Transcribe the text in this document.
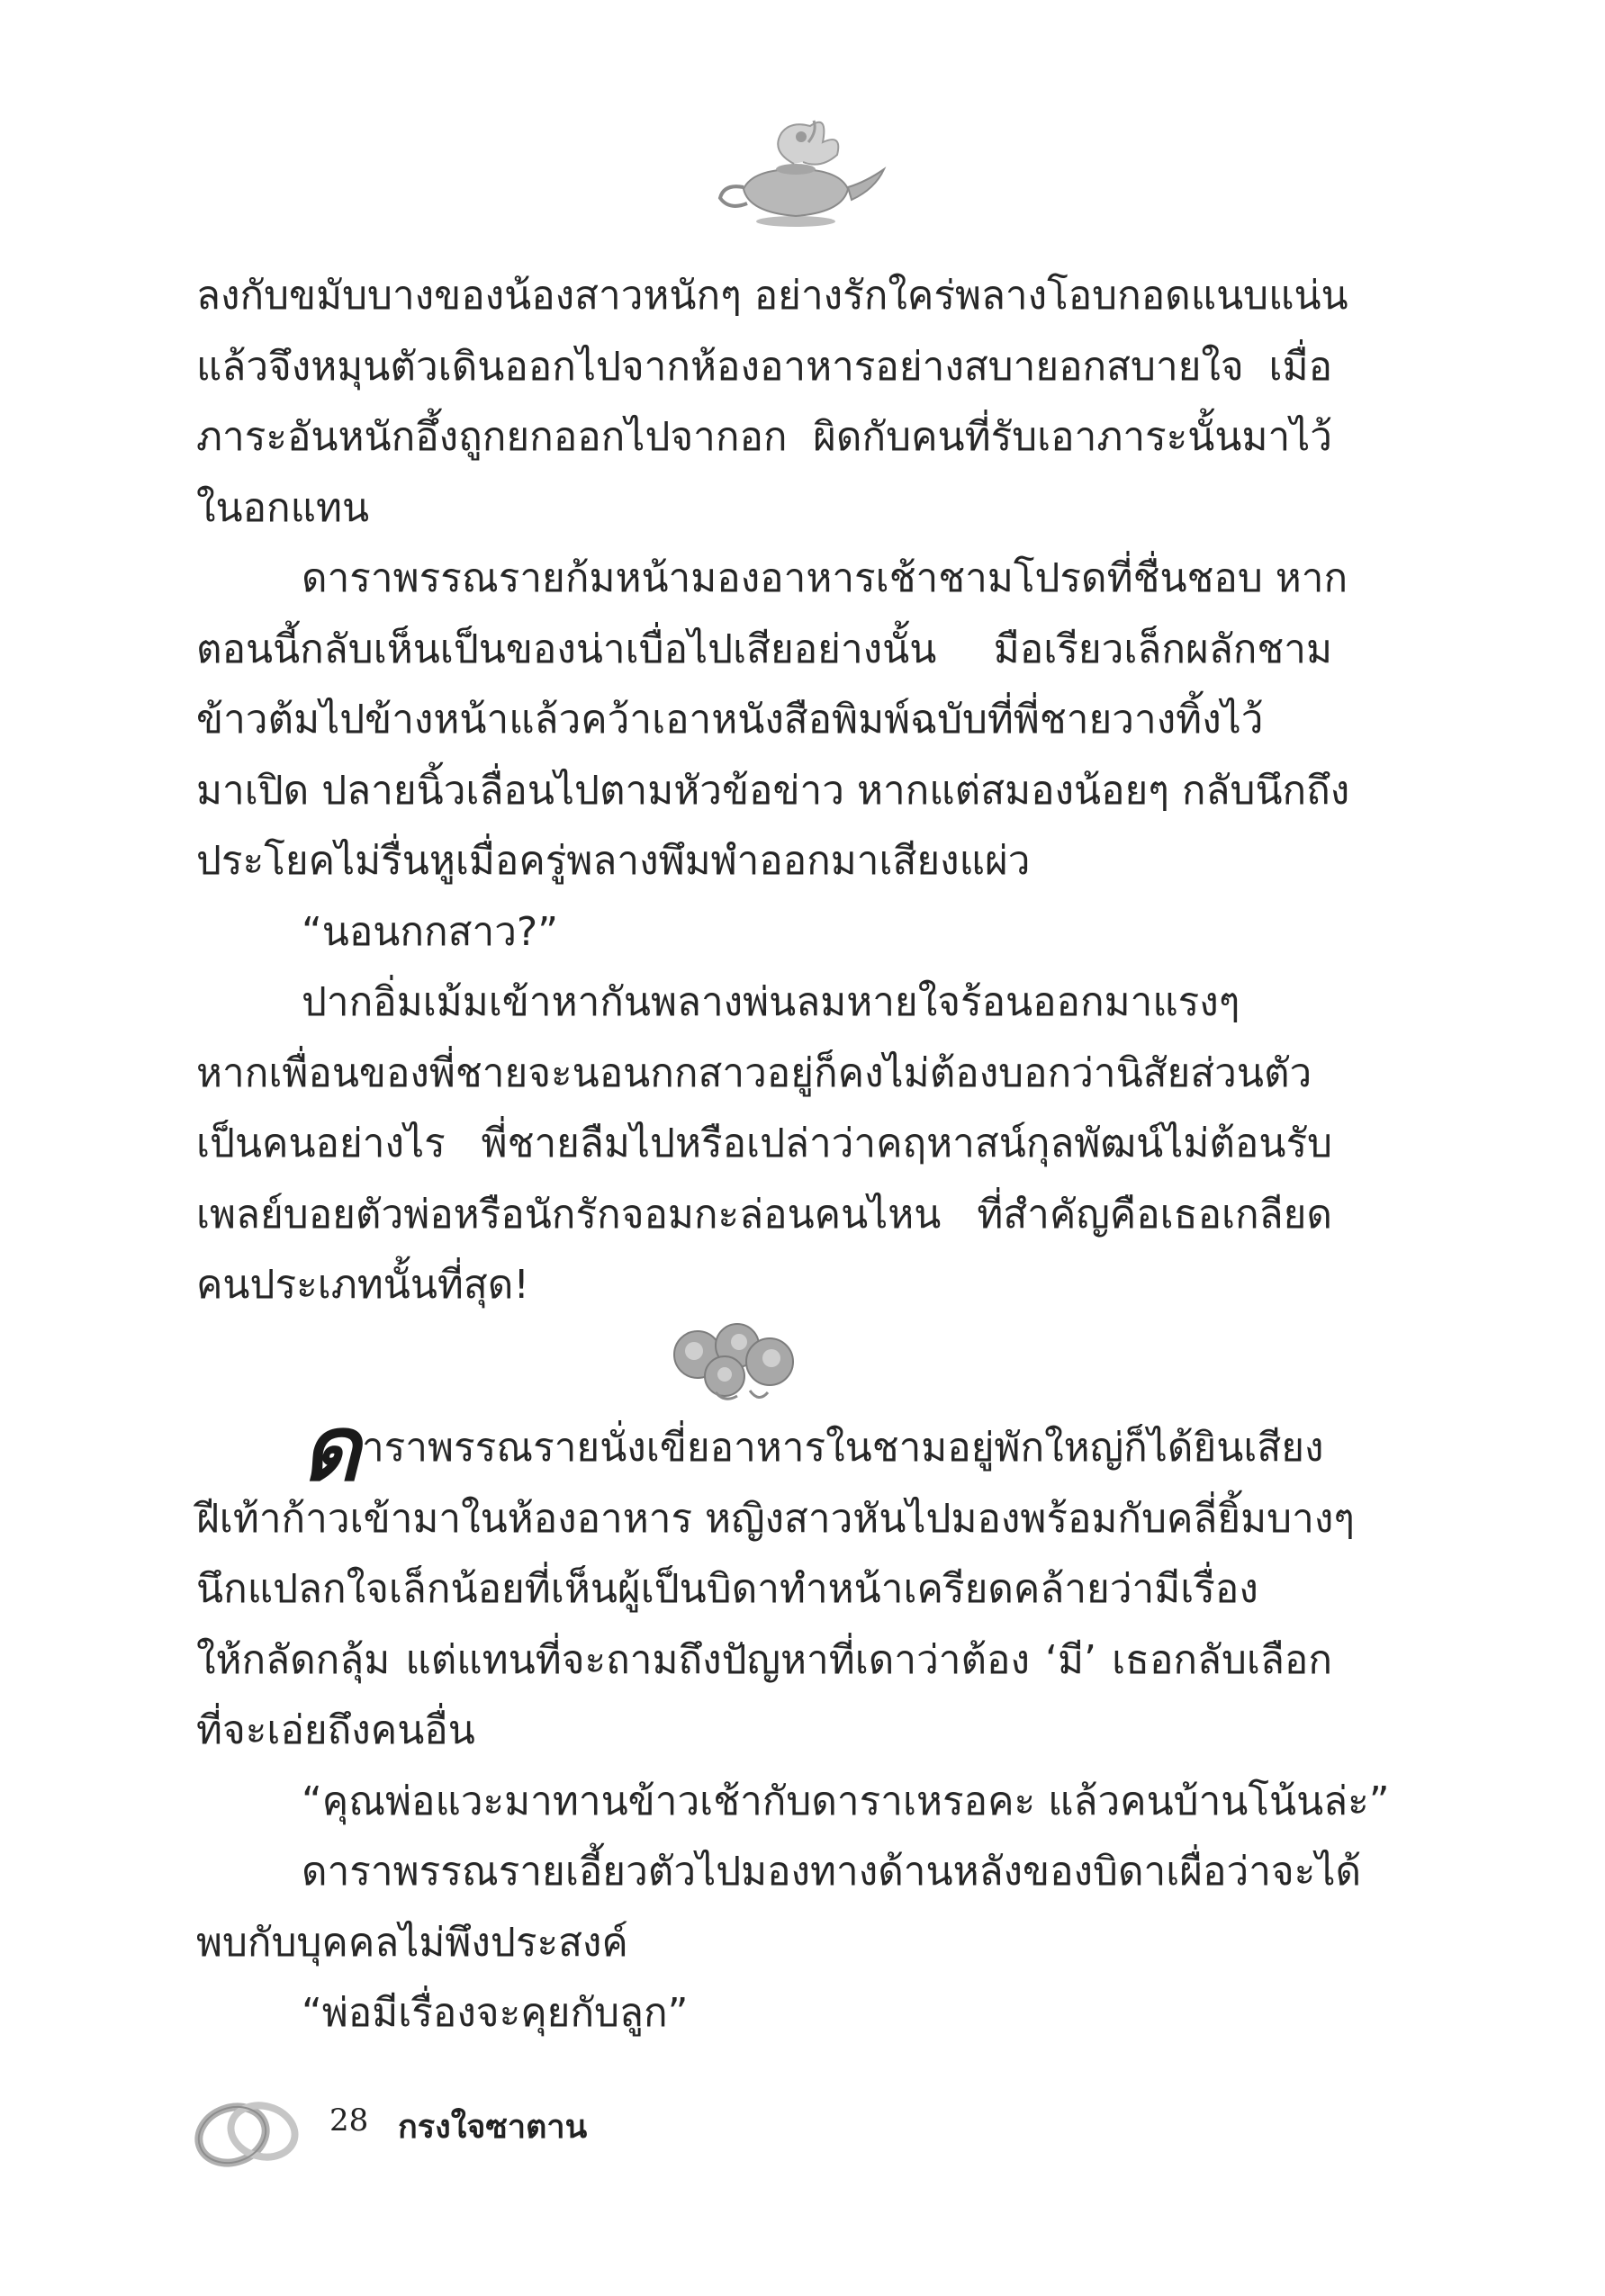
ลงกับขมับบางของน้องสาวหนักๆ อย่างรักใคร่พลางโอบกอดแนบแน่น

แล้วจึงหมุนตัวเดินออกไปจากห้องอาหารอย่างสบายอกสบายใจ เมื่อ

ภาระอันหนักอึ้งถูกยกออกไปจากอก ผิดกับคนที่รับเอาภาระนั้นมาไว้

ในอกแทน

ดาราพรรณรายก้มหน้ามองอาหารเช้าชามโปรดที่ชื่นชอบ หาก

ตอนนี้กลับเห็นเป็นของน่าเบื่อไปเสียอย่างนั้น มือเรียวเล็กผลักชาม

ข้าวต้มไปข้างหน้าแล้วคว้าเอาหนังสือพิมพ์ฉบับที่พี่ชายวางทิ้งไว้

มาเปิด ปลายนิ้วเลื่อนไปตามหัวข้อข่าว หากแต่สมองน้อยๆ กลับนึกถึง

ประโยคไม่รื่นหูเมื่อครู่พลางพึมพำออกมาเสียงแผ่ว

“นอนกกสาว?”

ปากอิ่มเม้มเข้าหากันพลางพ่นลมหายใจร้อนออกมาแรงๆ

หากเพื่อนของพี่ชายจะนอนกกสาวอยู่ก็คงไม่ต้องบอกว่านิสัยส่วนตัว

เป็นคนอย่างไร พี่ชายลืมไปหรือเปล่าว่าคฤหาสน์กุลพัฒน์ไม่ต้อนรับ

เพลย์บอยตัวพ่อหรือนักรักจอมกะล่อนคนไหน ที่สำคัญคือเธอเกลียด

คนประเภทนั้นที่สุด!

ดาราพรรณรายนั่งเขี่ยอาหารในชามอยู่พักใหญ่ก็ได้ยินเสียง

ฝีเท้าก้าวเข้ามาในห้องอาหาร หญิงสาวหันไปมองพร้อมกับคลี่ยิ้มบางๆ

นึกแปลกใจเล็กน้อยที่เห็นผู้เป็นบิดาทำหน้าเครียดคล้ายว่ามีเรื่อง

ให้กลัดกลุ้ม แต่แทนที่จะถามถึงปัญหาที่เดาว่าต้อง ‘มี’ เธอกลับเลือก

ที่จะเอ่ยถึงคนอื่น

“คุณพ่อแวะมาทานข้าวเช้ากับดาราเหรอคะ แล้วคนบ้านโน้นล่ะ”

ดาราพรรณรายเอี้ยวตัวไปมองทางด้านหลังของบิดาเผื่อว่าจะได้

พบกับบุคคลไม่พึงประสงค์

“พ่อมีเรื่องจะคุยกับลูก”

28 กรงใจซาตาน
